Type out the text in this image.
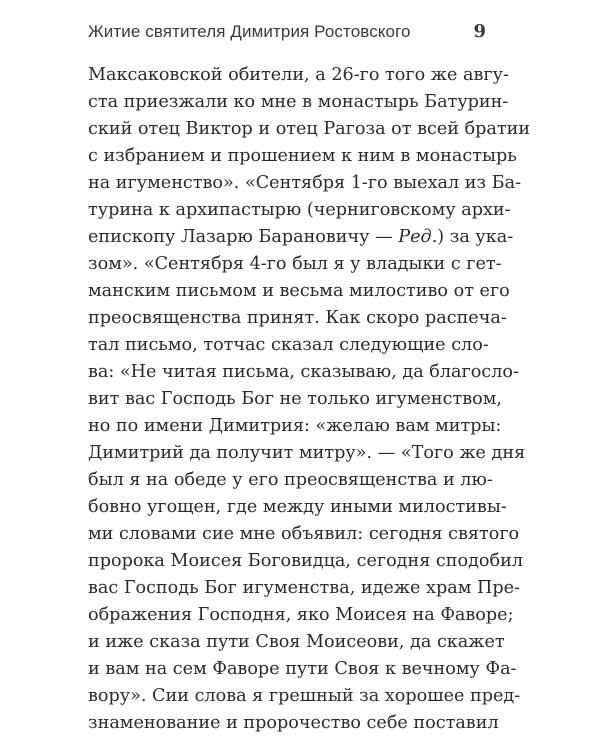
Житие святителя Димитрия Ростовского	9
Максаковской обители, а 26-го того же авгу-
ста приезжали ко мне в монастырь Батурин-
ский отец Виктор и отец Рагоза от всей братии
с избранием и прошением к ним в монастырь
на игуменство». «Сентября 1-го выехал из Ба-
турина к архипастырю (черниговскому архи-
епископу Лазарю Барановичу — Ред.) за ука-
зом». «Сентября 4-го был я у владыки с гет-
манским письмом и весьма милостиво от его
преосвященства принят. Как скоро распеча-
тал письмо, тотчас сказал следующие сло-
ва: «Не читая письма, сказываю, да благосло-
вит вас Господь Бог не только игуменством,
но по имени Димитрия: «желаю вам митры:
Димитрий да получит митру». — «Того же дня
был я на обеде у его преосвященства и лю-
бовно угощен, где между иными милостивы-
ми словами сие мне объявил: сегодня святого
пророка Моисея Боговидца, сегодня сподобил
вас Господь Бог игуменства, идеже храм Пре-
ображения Господня, яко Моисея на Фаворе;
и иже сказа пути Своя Моисеови, да скажет
и вам на сем Фаворе пути Своя к вечному Фа-
вору». Сии слова я грешный за хорошее пред-
знаменование и пророчество себе поставил
